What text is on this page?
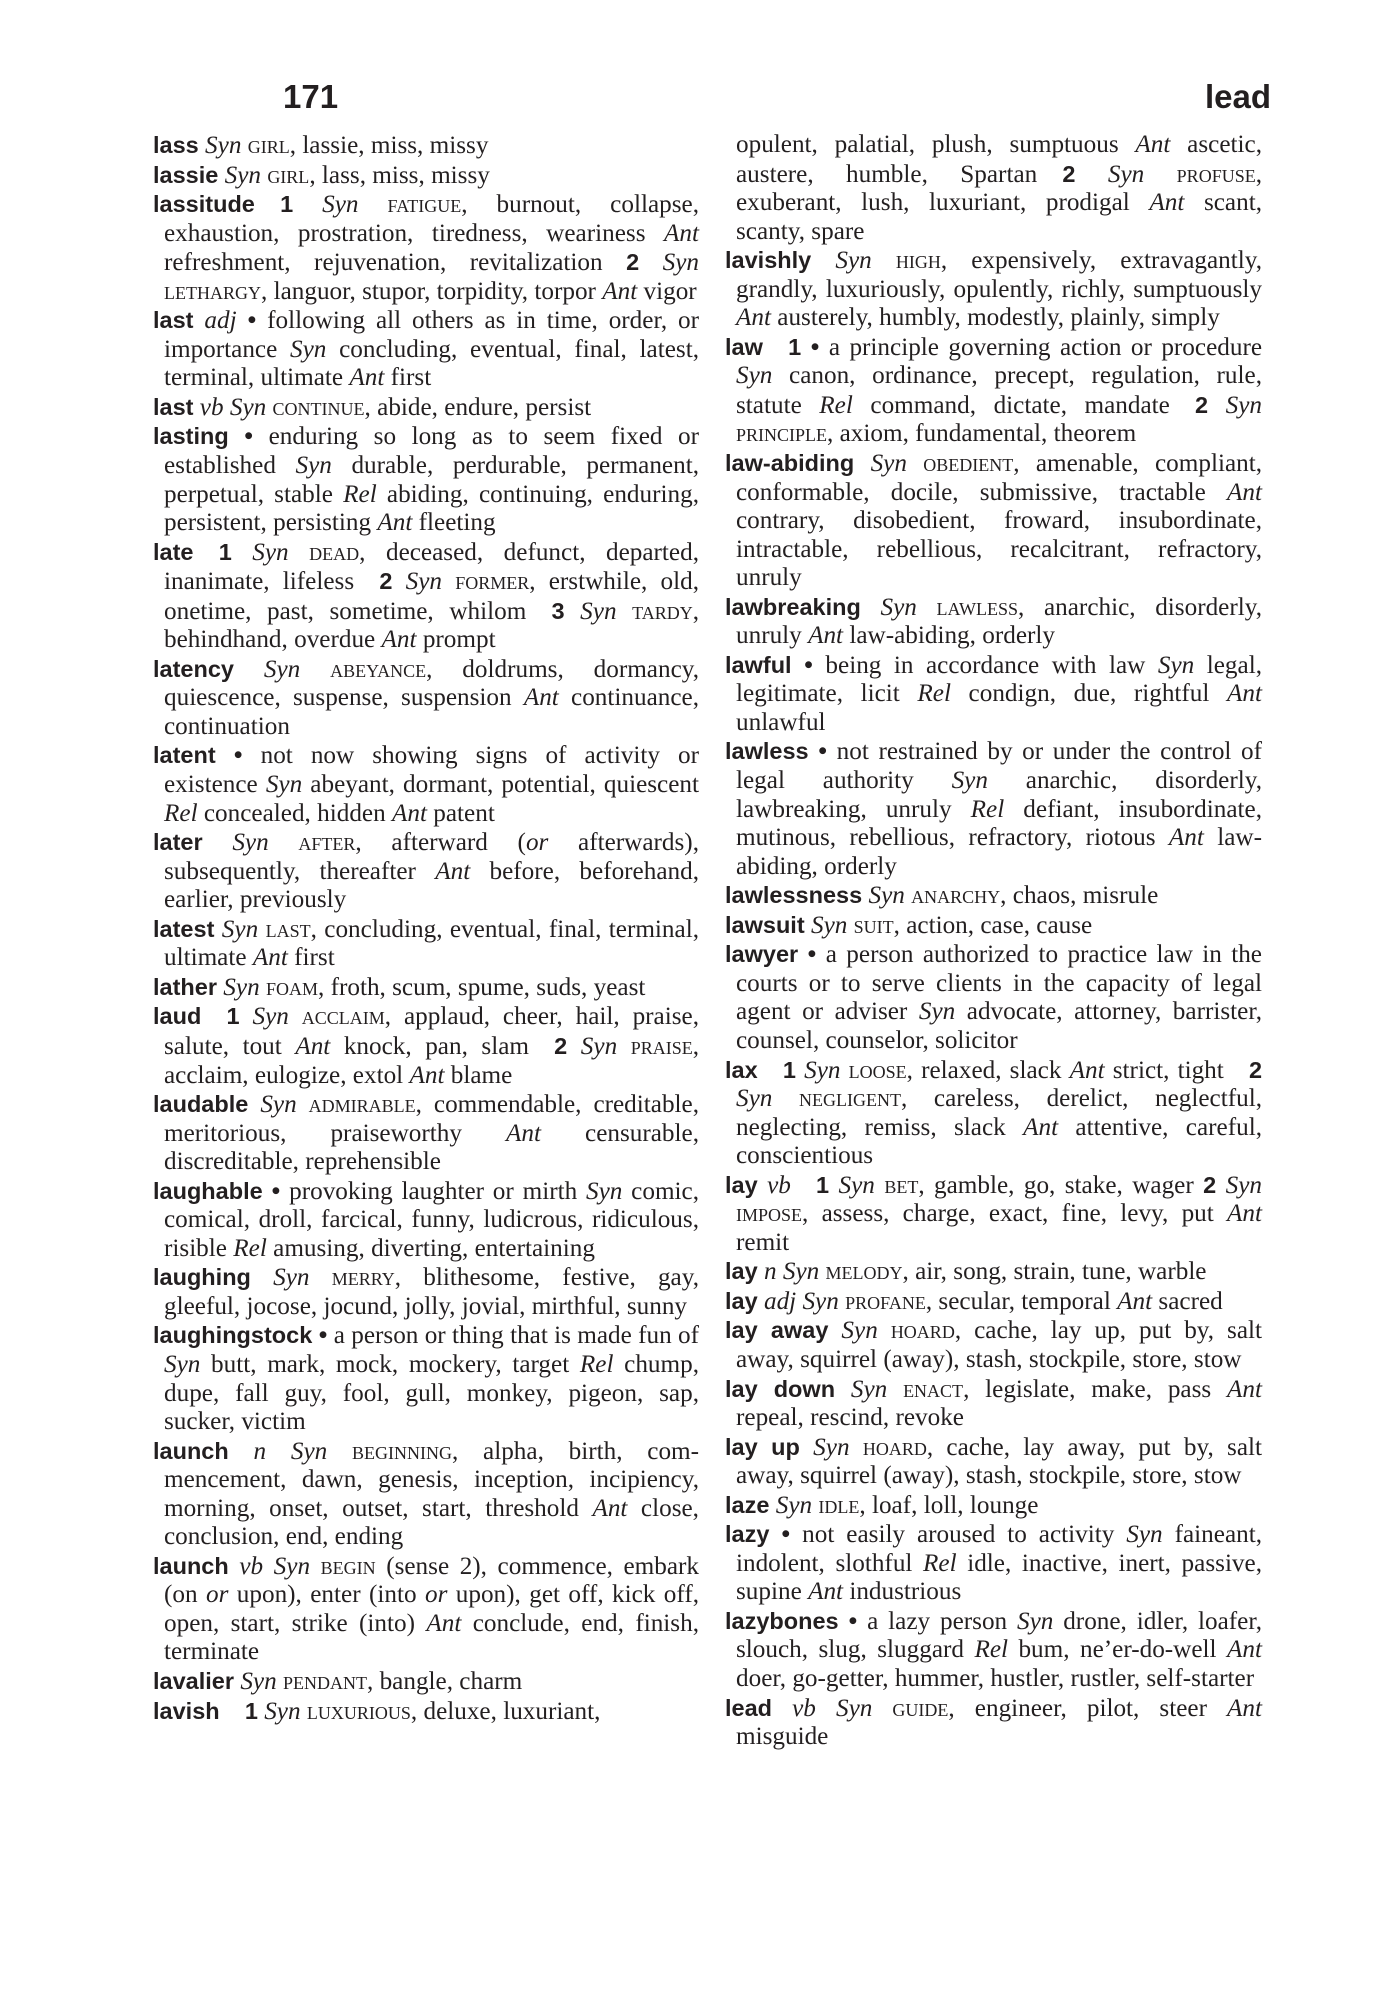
171	lead

lass Syn girl, lassie, miss, missy

lassie Syn girl, lass, miss, missy

lassitude  1 Syn fatigue, burnout, collapse, exhaustion, prostration, tiredness, weariness Ant refreshment, rejuvenation, revitalization 2 Syn lethargy, languor, stupor, torpidity, torpor Ant vigor

last adj • following all others as in time, order, or importance Syn concluding, eventual, final, latest, terminal, ultimate Ant first

last vb Syn continue, abide, endure, persist

lasting • enduring so long as to seem fixed or established Syn durable, perdurable, permanent, perpetual, stable Rel abiding, continuing, enduring, persistent, persisting Ant fleeting

late  1 Syn dead, deceased, defunct, departed, inanimate, lifeless 2 Syn former, erstwhile, old, onetime, past, sometime, whilom 3 Syn tardy, behindhand, overdue Ant prompt

latency Syn abeyance, doldrums, dormancy, quiescence, suspense, suspension Ant continuance, continuation

latent • not now showing signs of activity or existence Syn abeyant, dormant, potential, quiescent Rel concealed, hidden Ant patent

later Syn after, afterward (or afterwards), subsequently, thereafter Ant before, beforehand, earlier, previously

latest Syn last, concluding, eventual, final, terminal, ultimate Ant first

lather Syn foam, froth, scum, spume, suds, yeast

laud  1 Syn acclaim, applaud, cheer, hail, praise, salute, tout Ant knock, pan, slam 2 Syn praise, acclaim, eulogize, extol Ant blame

laudable Syn admirable, commendable, creditable, meritorious, praiseworthy Ant censurable, discreditable, reprehensible

laughable • provoking laughter or mirth Syn comic, comical, droll, farcical, funny, ludicrous, ridiculous, risible Rel amusing, diverting, entertaining

laughing Syn merry, blithesome, festive, gay, gleeful, jocose, jocund, jolly, jovial, mirthful, sunny

laughingstock • a person or thing that is made fun of Syn butt, mark, mock, mockery, target Rel chump, dupe, fall guy, fool, gull, monkey, pigeon, sap, sucker, victim

launch n Syn beginning, alpha, birth, commencement, dawn, genesis, inception, incipiency, morning, onset, outset, start, threshold Ant close, conclusion, end, ending

launch vb Syn begin (sense 2), commence, embark (on or upon), enter (into or upon), get off, kick off, open, start, strike (into) Ant conclude, end, finish, terminate

lavalier Syn pendant, bangle, charm

lavish  1 Syn luxurious, deluxe, luxuriant,

opulent, palatial, plush, sumptuous Ant ascetic, austere, humble, Spartan 2 Syn profuse, exuberant, lush, luxuriant, prodigal Ant scant, scanty, spare

lavishly Syn high, expensively, extravagantly, grandly, luxuriously, opulently, richly, sumptuously Ant austerely, humbly, modestly, plainly, simply

law  1 • a principle governing action or procedure Syn canon, ordinance, precept, regulation, rule, statute Rel command, dictate, mandate 2 Syn principle, axiom, fundamental, theorem

law-abiding Syn obedient, amenable, compliant, conformable, docile, submissive, tractable Ant contrary, disobedient, froward, insubordinate, intractable, rebellious, recalcitrant, refractory, unruly

lawbreaking Syn lawless, anarchic, disorderly, unruly Ant law-abiding, orderly

lawful • being in accordance with law Syn legal, legitimate, licit Rel condign, due, rightful Ant unlawful

lawless • not restrained by or under the control of legal authority Syn anarchic, disorderly, lawbreaking, unruly Rel defiant, insubordinate, mutinous, rebellious, refractory, riotous Ant law-abiding, orderly

lawlessness Syn anarchy, chaos, misrule

lawsuit Syn suit, action, case, cause

lawyer • a person authorized to practice law in the courts or to serve clients in the capacity of legal agent or adviser Syn advocate, attorney, barrister, counsel, counselor, solicitor

lax  1 Syn loose, relaxed, slack Ant strict, tight 2 Syn negligent, careless, derelict, neglectful, neglecting, remiss, slack Ant attentive, careful, conscientious

lay vb  1 Syn bet, gamble, go, stake, wager 2 Syn impose, assess, charge, exact, fine, levy, put Ant remit

lay n Syn melody, air, song, strain, tune, warble

lay adj Syn profane, secular, temporal Ant sacred

lay away Syn hoard, cache, lay up, put by, salt away, squirrel (away), stash, stockpile, store, stow

lay down Syn enact, legislate, make, pass Ant repeal, rescind, revoke

lay up Syn hoard, cache, lay away, put by, salt away, squirrel (away), stash, stockpile, store, stow

laze Syn idle, loaf, loll, lounge

lazy • not easily aroused to activity Syn faineant, indolent, slothful Rel idle, inactive, inert, passive, supine Ant industrious

lazybones • a lazy person Syn drone, idler, loafer, slouch, slug, sluggard Rel bum, ne’er-do-well Ant doer, go-getter, hummer, hustler, rustler, self-starter

lead vb Syn guide, engineer, pilot, steer Ant misguide
